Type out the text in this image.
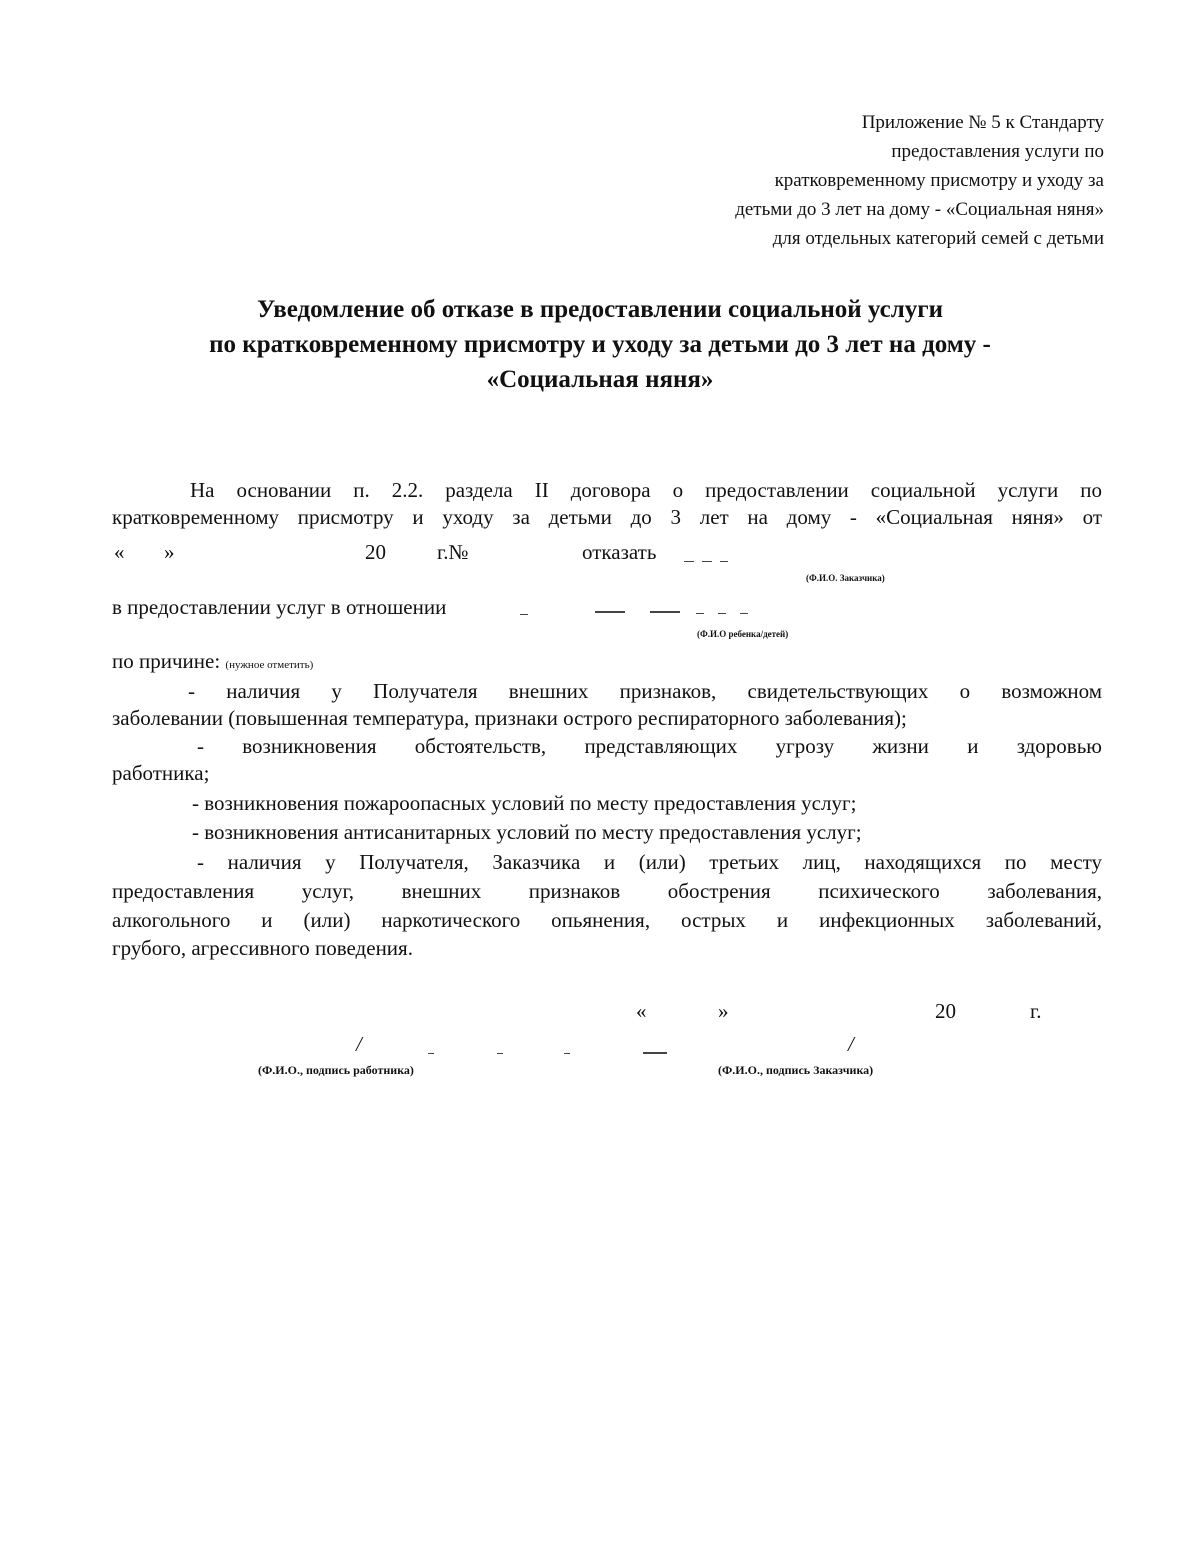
Приложение № 5 к Стандарту
предоставления услуги по
кратковременному присмотру и уходу за
детьми до 3 лет на дому - «Социальная няня»
для отдельных категорий семей с детьми
Уведомление об отказе в предоставлении социальной услуги
по кратковременному присмотру и уходу за детьми до 3 лет на дому -
«Социальная няня»
На основании п. 2.2. раздела II договора о предоставлении социальной услуги по
кратковременному присмотру и уходу за детьми до 3 лет на дому - «Социальная няня» от
« »	20 г.№	отказать
(Ф.И.О. Заказчика)
в предоставлении услуг в отношении
(Ф.И.О ребенка/детей)
по причине: (нужное отметить)
- наличия у Получателя внешних признаков, свидетельствующих о возможном
заболевании (повышенная температура, признаки острого респираторного заболевания);
- возникновения обстоятельств, представляющих угрозу жизни и здоровью
работника;
- возникновения пожароопасных условий по месту предоставления услуг;
- возникновения антисанитарных условий по месту предоставления услуг;
- наличия у Получателя, Заказчика и (или) третьих лиц, находящихся по месту
предоставления услуг, внешних признаков обострения психического заболевания,
алкогольного и (или) наркотического опьянения, острых и инфекционных заболеваний,
грубого, агрессивного поведения.
«	»	20	г.
/	/
(Ф.И.О., подпись работника)	(Ф.И.О., подпись Заказчика)
